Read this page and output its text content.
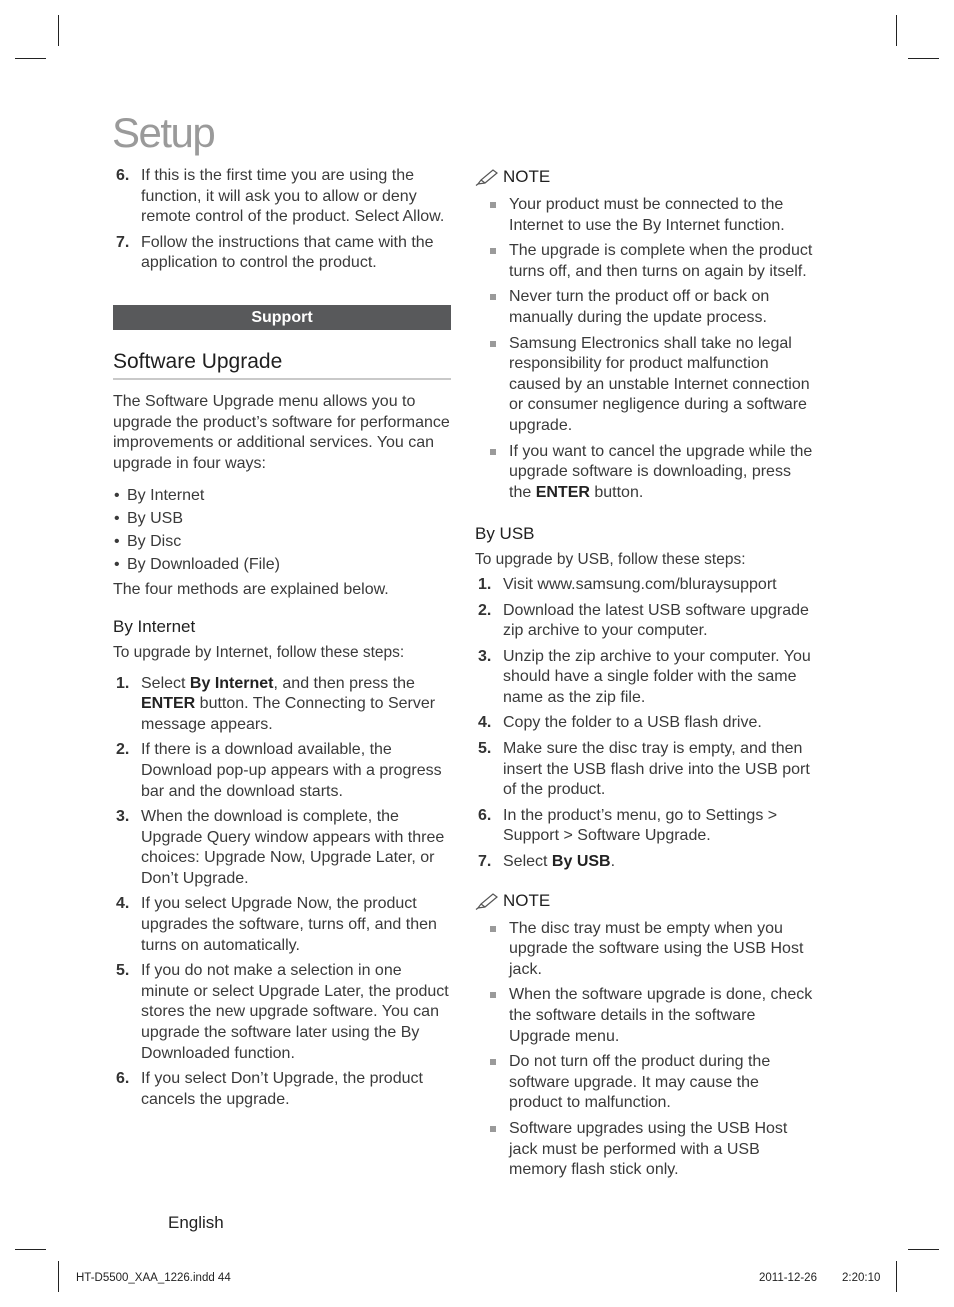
Setup
6. If this is the first time you are using the function, it will ask you to allow or deny remote control of the product. Select Allow.
7. Follow the instructions that came with the application to control the product.
Support
Software Upgrade

The Software Upgrade menu allows you to upgrade the product’s software for performance improvements or additional services. You can upgrade in four ways:

• By Internet
• By USB
• By Disc
• By Downloaded (File)

The four methods are explained below.

By Internet

To upgrade by Internet, follow these steps:

1. Select By Internet, and then press the ENTER button. The Connecting to Server message appears.
2. If there is a download available, the Download pop-up appears with a progress bar and the download starts.
3. When the download is complete, the Upgrade Query window appears with three choices: Upgrade Now, Upgrade Later, or Don’t Upgrade.
4. If you select Upgrade Now, the product upgrades the software, turns off, and then turns on automatically.
5. If you do not make a selection in one minute or select Upgrade Later, the product stores the new upgrade software. You can upgrade the software later using the By Downloaded function.
6. If you select Don’t Upgrade, the product cancels the upgrade.
NOTE
Your product must be connected to the Internet to use the By Internet function.
The upgrade is complete when the product turns off, and then turns on again by itself.
Never turn the product off or back on manually during the update process.
Samsung Electronics shall take no legal responsibility for product malfunction caused by an unstable Internet connection or consumer negligence during a software upgrade.
If you want to cancel the upgrade while the upgrade software is downloading, press the ENTER button.
By USB

To upgrade by USB, follow these steps:

1. Visit www.samsung.com/bluraysupport
2. Download the latest USB software upgrade zip archive to your computer.
3. Unzip the zip archive to your computer. You should have a single folder with the same name as the zip file.
4. Copy the folder to a USB flash drive.
5. Make sure the disc tray is empty, and then insert the USB flash drive into the USB port of the product.
6. In the product’s menu, go to Settings > Support > Software Upgrade.
7. Select By USB.
NOTE
The disc tray must be empty when you upgrade the software using the USB Host jack.
When the software upgrade is done, check the software details in the software Upgrade menu.
Do not turn off the product during the software upgrade. It may cause the product to malfunction.
Software upgrades using the USB Host jack must be performed with a USB memory flash stick only.
English
HT-D5500_XAA_1226.indd 44	2011-12-26 2:20:10
